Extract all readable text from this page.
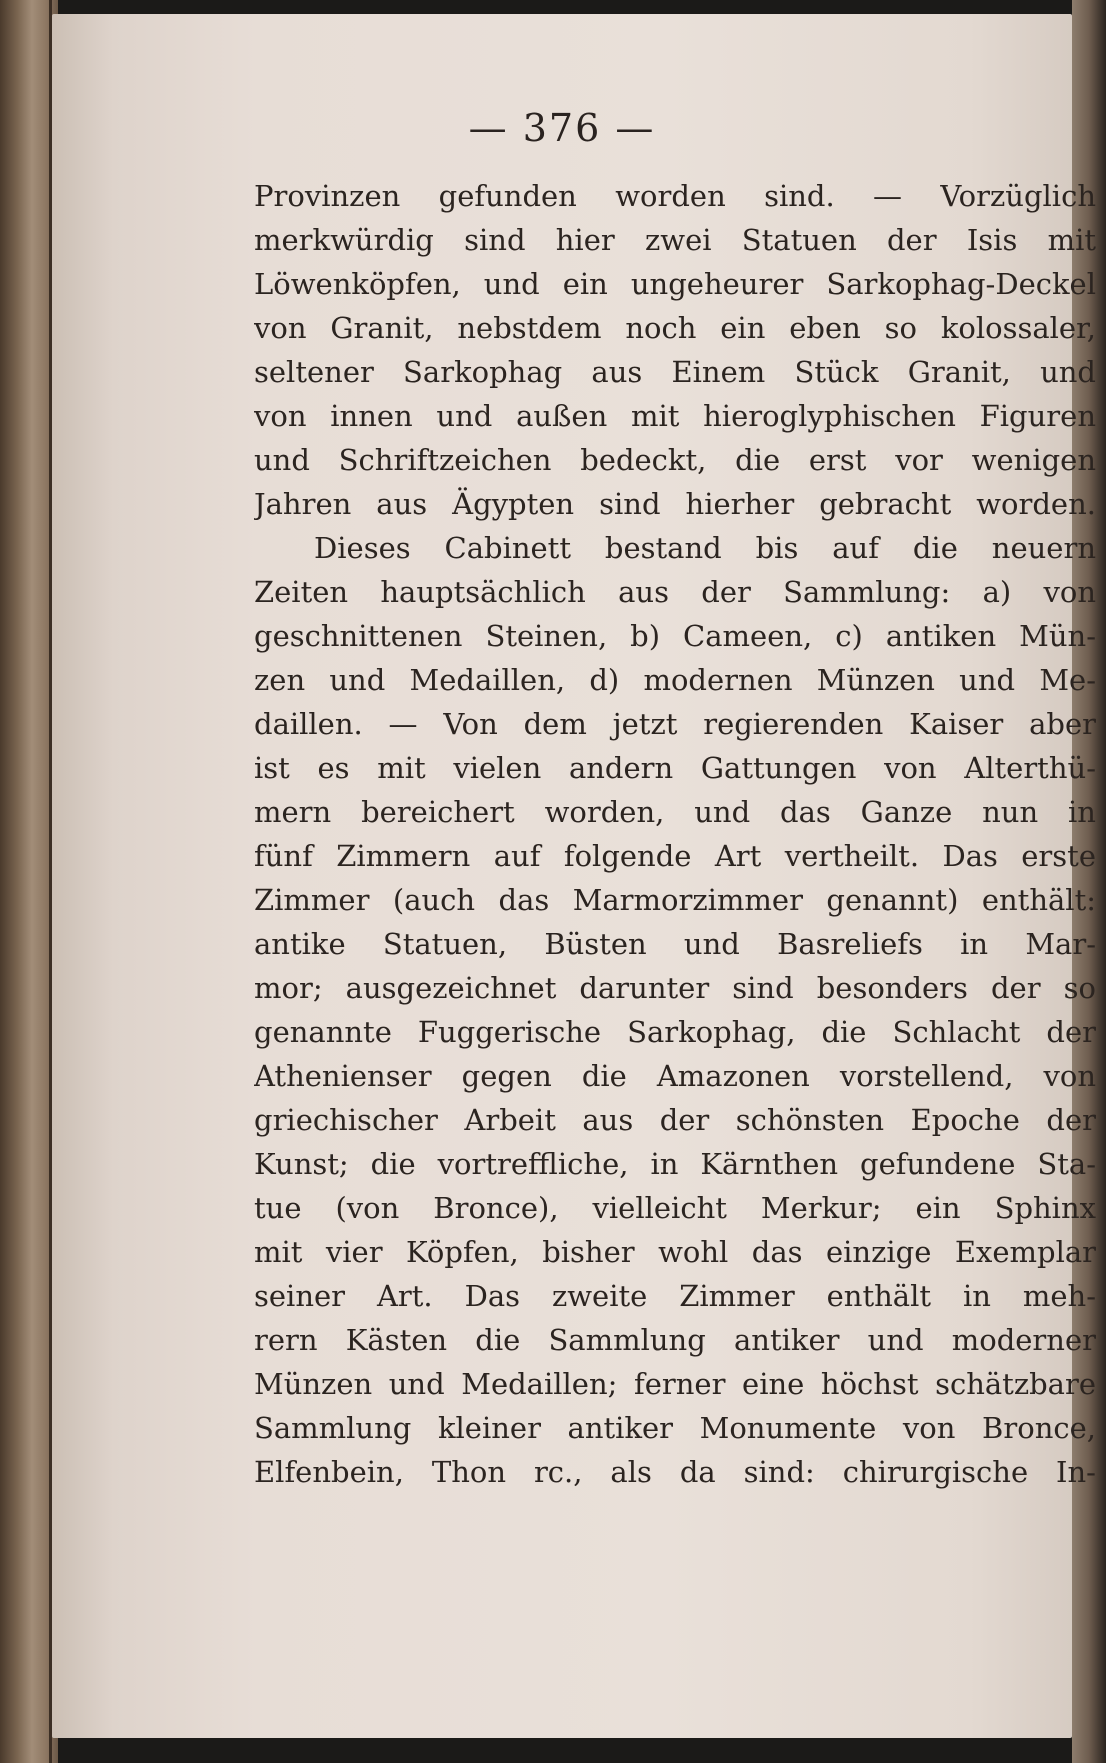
— 376 —
Provinzen gefunden worden sind. — Vorzüglich
merkwürdig sind hier zwei Statuen der Isis mit
Löwenköpfen, und ein ungeheurer Sarkophag-Deckel
von Granit, nebstdem noch ein eben so kolossaler,
seltener Sarkophag aus Einem Stück Granit, und
von innen und außen mit hieroglyphischen Figuren
und Schriftzeichen bedeckt, die erst vor wenigen
Jahren aus Ägypten sind hierher gebracht worden.
Dieses Cabinett bestand bis auf die neuern
Zeiten hauptsächlich aus der Sammlung: a) von
geschnittenen Steinen, b) Cameen, c) antiken Mün-
zen und Medaillen, d) modernen Münzen und Me-
daillen. — Von dem jetzt regierenden Kaiser aber
ist es mit vielen andern Gattungen von Alterthü-
mern bereichert worden, und das Ganze nun in
fünf Zimmern auf folgende Art vertheilt. Das erste
Zimmer (auch das Marmorzimmer genannt) enthält:
antike Statuen, Büsten und Basreliefs in Mar-
mor; ausgezeichnet darunter sind besonders der so
genannte Fuggerische Sarkophag, die Schlacht der
Athenienser gegen die Amazonen vorstellend, von
griechischer Arbeit aus der schönsten Epoche der
Kunst; die vortreffliche, in Kärnthen gefundene Sta-
tue (von Bronce), vielleicht Merkur; ein Sphinx
mit vier Köpfen, bisher wohl das einzige Exemplar
seiner Art. Das zweite Zimmer enthält in meh-
rern Kästen die Sammlung antiker und moderner
Münzen und Medaillen; ferner eine höchst schätzbare
Sammlung kleiner antiker Monumente von Bronce,
Elfenbein, Thon rc., als da sind: chirurgische In-
